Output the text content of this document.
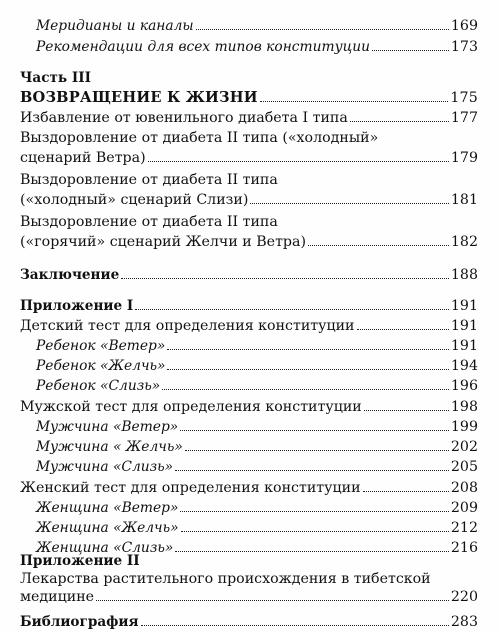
Меридианы и каналы	169
Рекомендации для всех типов конституции	173
Часть III
ВОЗВРАЩЕНИЕ К ЖИЗНИ	175
Избавление от ювенильного диабета I типа	177
Выздоровление от диабета II типа («холодный»
сценарий Ветра)	179
Выздоровление от диабета II типа
(«холодный» сценарий Слизи)	181
Выздоровление от диабета II типа
(«горячий» сценарий Желчи и Ветра)	182
Заключение	188
Приложение I	191
Детский тест для определения конституции	191
Ребенок «Ветер»	191
Ребенок «Желчь»	194
Ребенок «Слизь»	196
Мужской тест для определения конституции	198
Мужчина «Ветер»	199
Мужчина « Желчь»	202
Мужчина «Слизь»	205
Женский тест для определения конституции	208
Женщина «Ветер»	209
Женщина «Желчь»	212
Женщина «Слизь»	216
Приложение II
Лекарства растительного происхождения в тибетской
медицине	220
Библиография	283
